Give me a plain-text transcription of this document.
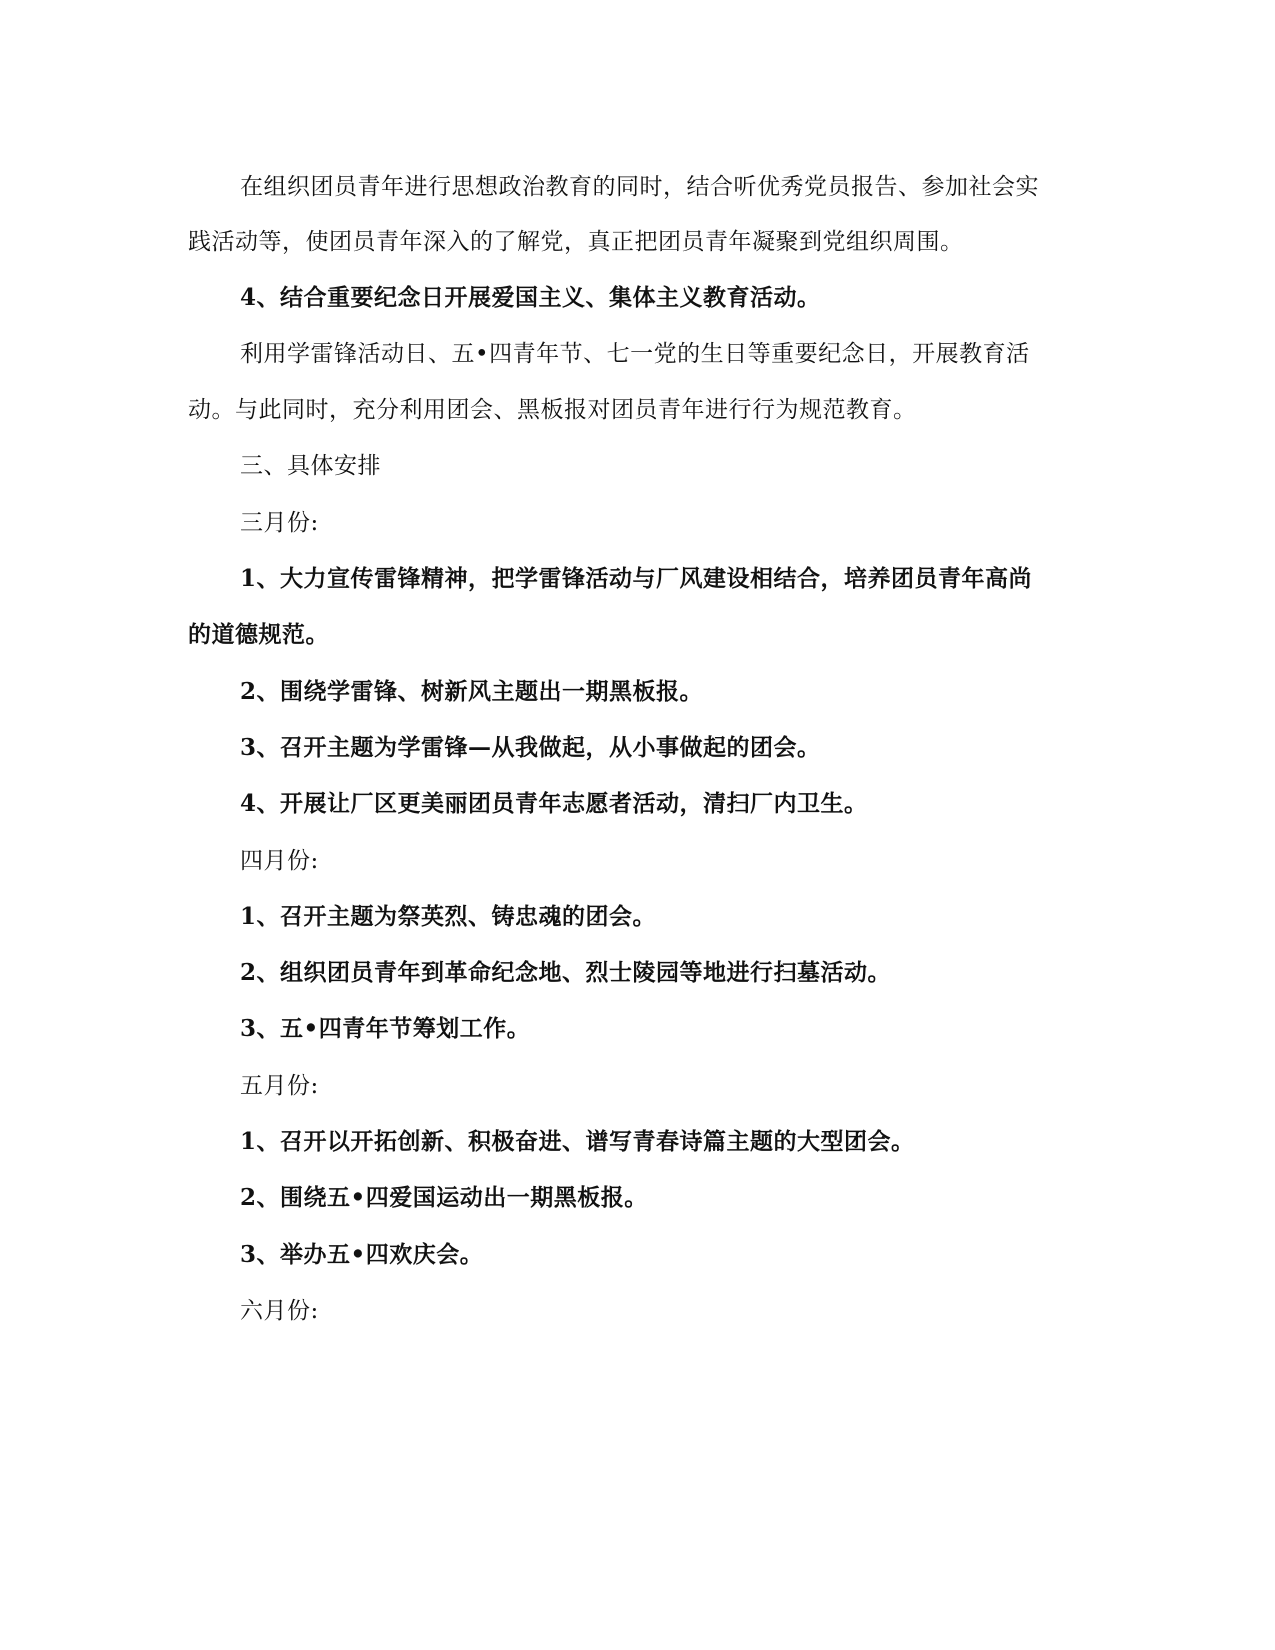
在组织团员青年进行思想政治教育的同时，结合听优秀党员报告、参加社会实
践活动等，使团员青年深入的了解党，真正把团员青年凝聚到党组织周围。
4、结合重要纪念日开展爱国主义、集体主义教育活动。
利用学雷锋活动日、五•四青年节、七一党的生日等重要纪念日，开展教育活
动。与此同时，充分利用团会、黑板报对团员青年进行行为规范教育。
三、具体安排
三月份:
1、大力宣传雷锋精神，把学雷锋活动与厂风建设相结合，培养团员青年高尚
的道德规范。
2、围绕学雷锋、树新风主题出一期黑板报。
3、召开主题为学雷锋—从我做起，从小事做起的团会。
4、开展让厂区更美丽团员青年志愿者活动，清扫厂内卫生。
四月份:
1、召开主题为祭英烈、铸忠魂的团会。
2、组织团员青年到革命纪念地、烈士陵园等地进行扫墓活动。
3、五•四青年节筹划工作。
五月份:
1、召开以开拓创新、积极奋进、谱写青春诗篇主题的大型团会。
2、围绕五•四爱国运动出一期黑板报。
3、举办五•四欢庆会。
六月份:
